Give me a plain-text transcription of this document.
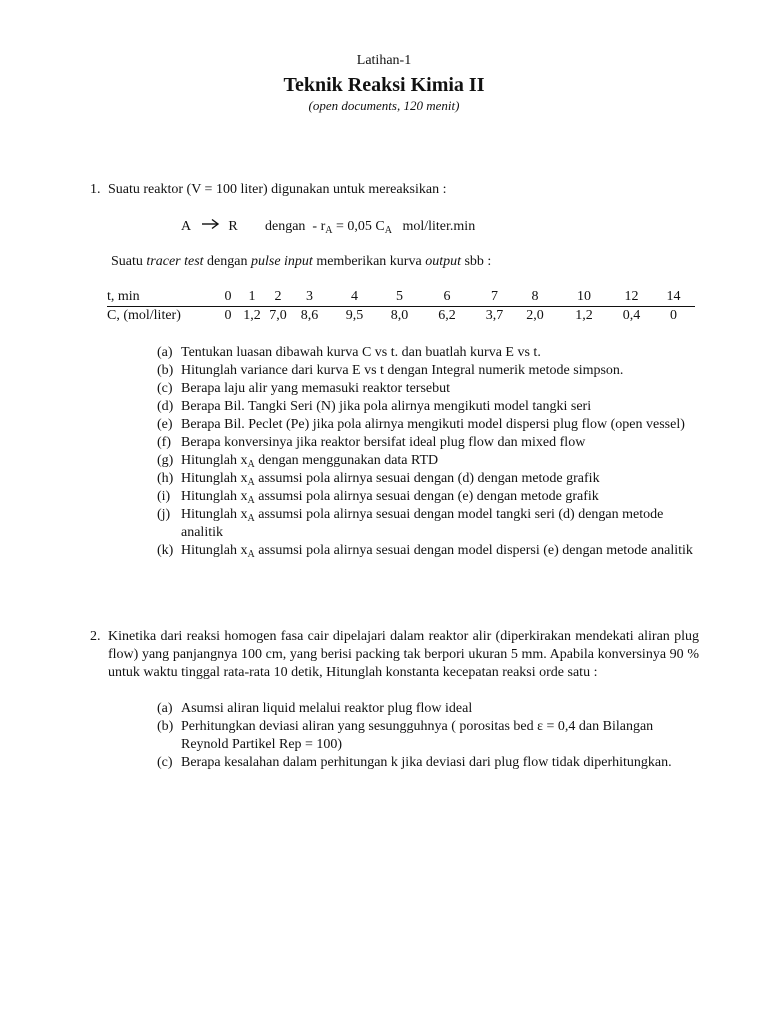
Latihan-1
Teknik Reaksi Kimia II
(open documents, 120 menit)
1. Suatu reaktor (V = 100 liter) digunakan untuk mereaksikan :
A	R dengan  - $r_A = 0,05$ $C_A$   mol/liter.min
Suatu tracer test dengan pulse input memberikan kurva output sbb :
t, min	0	1	2	3	4	5	6	7	8	10	12	14
C, (mol/liter)	0	1,2	7,0	8,6	9,5	8,0	6,2	3,7	2,0	1,2	0,4	0
(a) Tentukan luasan dibawah kurva C vs t. dan buatlah kurva E vs t.
(b) Hitunglah variance dari kurva E vs t dengan Integral numerik metode simpson.
(c) Berapa laju alir yang memasuki reaktor tersebut
(d) Berapa Bil. Tangki Seri (N) jika pola alirnya mengikuti model tangki seri
(e) Berapa Bil. Peclet (Pe) jika pola alirnya mengikuti model dispersi plug flow (open vessel)
(f) Berapa konversinya jika reaktor bersifat ideal plug flow dan mixed flow
(g) Hitunglah $x_A$ dengan menggunakan data RTD
(h) Hitunglah $x_A$ assumsi pola alirnya sesuai dengan (d) dengan metode grafik
(i) Hitunglah $x_A$ assumsi pola alirnya sesuai dengan (e) dengan metode grafik
(j) Hitunglah $x_A$ assumsi pola alirnya sesuai dengan model tangki seri (d) dengan metode analitik
(k) Hitunglah $x_A$ assumsi pola alirnya sesuai dengan model dispersi (e) dengan metode analitik
2. Kinetika dari reaksi homogen fasa cair dipelajari dalam reaktor alir (diperkirakan mendekati aliran plug flow) yang panjangnya 100 cm, yang berisi packing tak berpori ukuran 5 mm. Apabila konversinya 90 % untuk waktu tinggal rata-rata 10 detik, Hitunglah konstanta kecepatan reaksi orde satu :
(a) Asumsi aliran liquid melalui reaktor plug flow ideal
(b) Perhitungkan deviasi aliran yang sesungguhnya ( porositas bed ε = 0,4 dan Bilangan Reynold Partikel Rep = 100)
(c) Berapa kesalahan dalam perhitungan k jika deviasi dari plug flow tidak diperhitungkan.
